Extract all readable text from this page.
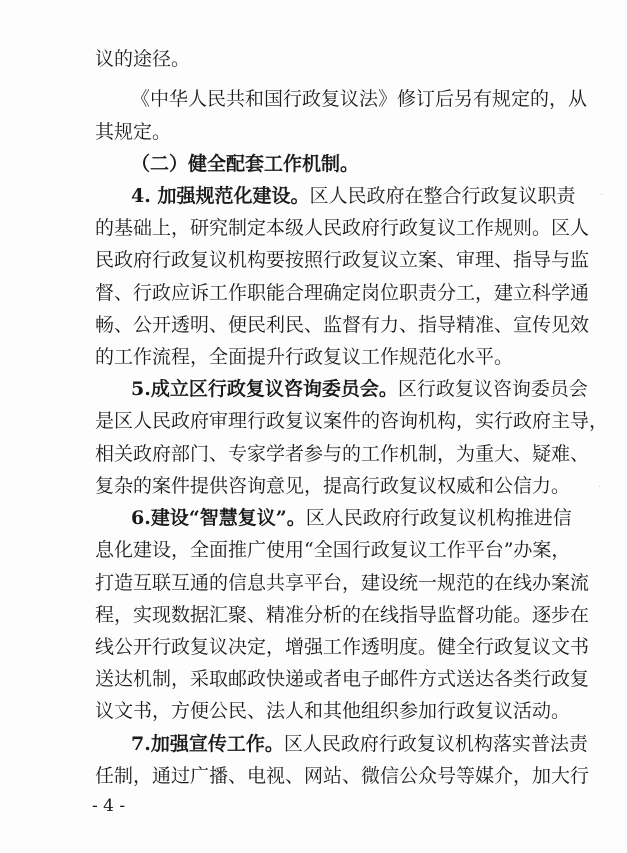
议的途径。
《中华人民共和国行政复议法》修订后另有规定的，从
其规定。
（二）健全配套工作机制。
4. 加强规范化建设。区人民政府在整合行政复议职责
的基础上，研究制定本级人民政府行政复议工作规则。区人
民政府行政复议机构要按照行政复议立案、审理、指导与监
督、行政应诉工作职能合理确定岗位职责分工，建立科学通
畅、公开透明、便民利民、监督有力、指导精准、宣传见效
的工作流程，全面提升行政复议工作规范化水平。
5.成立区行政复议咨询委员会。区行政复议咨询委员会
是区人民政府审理行政复议案件的咨询机构，实行政府主导，
相关政府部门、专家学者参与的工作机制，为重大、疑难、
复杂的案件提供咨询意见，提高行政复议权威和公信力。
6.建设“智慧复议”。区人民政府行政复议机构推进信
息化建设，全面推广使用“全国行政复议工作平台”办案，
打造互联互通的信息共享平台，建设统一规范的在线办案流
程，实现数据汇聚、精准分析的在线指导监督功能。逐步在
线公开行政复议决定，增强工作透明度。健全行政复议文书
送达机制，采取邮政快递或者电子邮件方式送达各类行政复
议文书，方便公民、法人和其他组织参加行政复议活动。
7.加强宣传工作。区人民政府行政复议机构落实普法责
任制，通过广播、电视、网站、微信公众号等媒介，加大行
- 4 -
·
·
